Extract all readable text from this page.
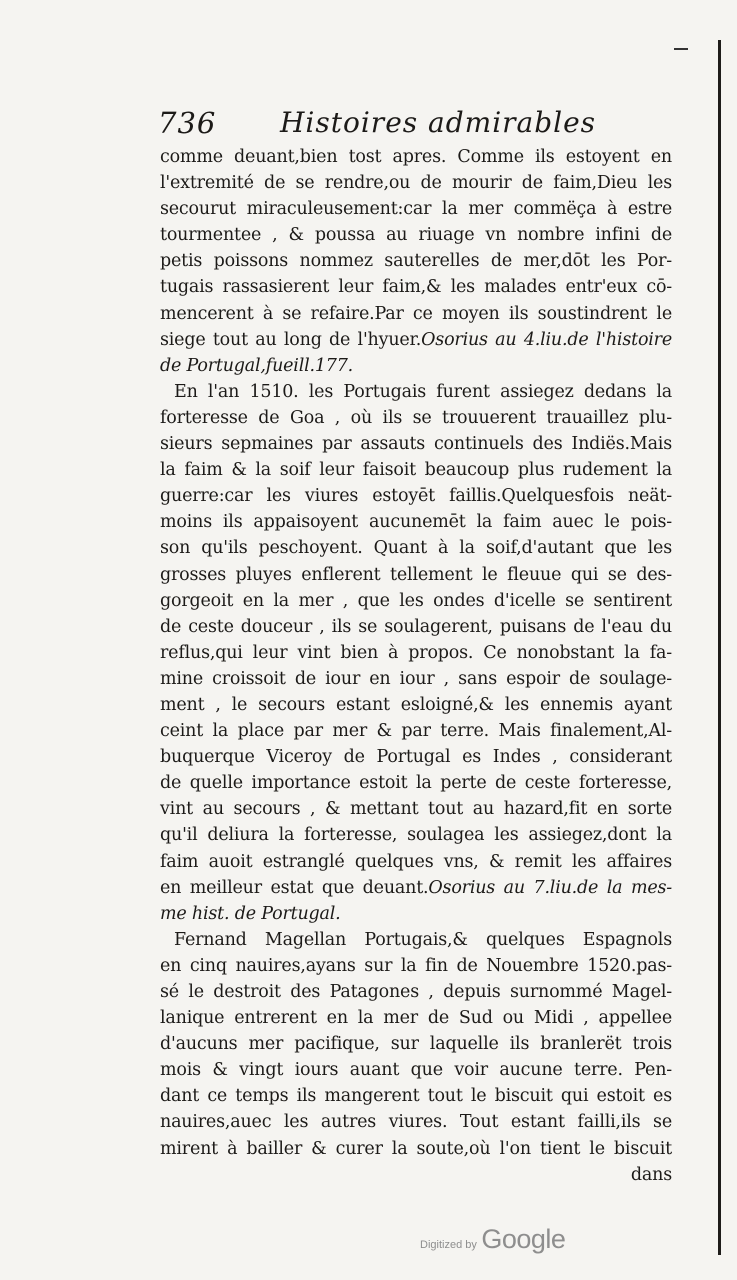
736 Histoires admirables
comme deuant,bien tost apres. Comme ils estoyent en
l'extremité de se rendre,ou de mourir de faim,Dieu les
secourut miraculeusement:car la mer commëça à estre
tourmentee , & poussa au riuage vn nombre infini de
petis poissons nommez sauterelles de mer,dōt les Por-
tugais rassasierent leur faim,& les malades entr'eux cō-
mencerent à se refaire.Par ce moyen ils soustindrent le
siege tout au long de l'hyuer.Osorius au 4.liu.de l'histoire
de Portugal,fueill.177.
En l'an 1510. les Portugais furent assiegez dedans la
forteresse de Goa , où ils se trouuerent trauaillez plu-
sieurs sepmaines par assauts continuels des Indiës.Mais
la faim & la soif leur faisoit beaucoup plus rudement la
guerre:car les viures estoyēt faillis.Quelquesfois neät-
moins ils appaisoyent aucunemēt la faim auec le pois-
son qu'ils peschoyent. Quant à la soif,d'autant que les
grosses pluyes enflerent tellement le fleuue qui se des-
gorgeoit en la mer , que les ondes d'icelle se sentirent
de ceste douceur , ils se soulagerent, puisans de l'eau du
reflus,qui leur vint bien à propos. Ce nonobstant la fa-
mine croissoit de iour en iour , sans espoir de soulage-
ment , le secours estant esloigné,& les ennemis ayant
ceint la place par mer & par terre. Mais finalement,Al-
buquerque Viceroy de Portugal es Indes , considerant
de quelle importance estoit la perte de ceste forteresse,
vint au secours , & mettant tout au hazard,fit en sorte
qu'il deliura la forteresse, soulagea les assiegez,dont la
faim auoit estranglé quelques vns, & remit les affaires
en meilleur estat que deuant.Osorius au 7.liu.de la mes-
me hist. de Portugal.
Fernand Magellan Portugais,& quelques Espagnols
en cinq nauires,ayans sur la fin de Nouembre 1520.pas-
sé le destroit des Patagones , depuis surnommé Magel-
lanique entrerent en la mer de Sud ou Midi , appellee
d'aucuns mer pacifique, sur laquelle ils branlerët trois
mois & vingt iours auant que voir aucune terre. Pen-
dant ce temps ils mangerent tout le biscuit qui estoit es
nauires,auec les autres viures. Tout estant failli,ils se
mirent à bailler & curer la soute,où l'on tient le biscuit
dans
Digitized by Google
